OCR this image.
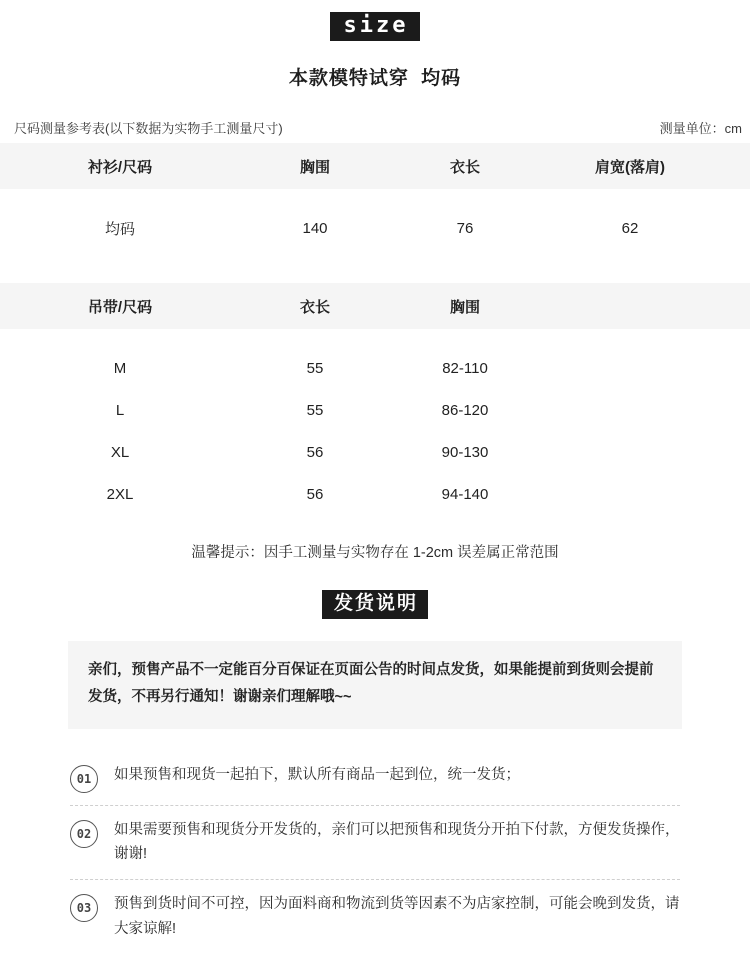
size
本款模特试穿 均码
尺码测量参考表(以下数据为实物手工测量尺寸)	测量单位：cm
衬衫/尺码	胸围	衣长	肩宽(落肩)
均码	140	76	62
吊带/尺码	衣长	胸围
M	55	82-110
L	55	86-120
XL	56	90-130
2XL	56	94-140
温馨提示：因手工测量与实物存在 1-2cm 误差属正常范围
发货说明
亲们，预售产品不一定能百分百保证在页面公告的时间点发货，如果能提前到货则会提前发货，不再另行通知！谢谢亲们理解哦~~
01	如果预售和现货一起拍下，默认所有商品一起到位，统一发货；
02	如果需要预售和现货分开发货的，亲们可以把预售和现货分开拍下付款，方便发货操作，谢谢!
03	预售到货时间不可控，因为面料商和物流到货等因素不为店家控制，可能会晚到发货，请大家谅解!
